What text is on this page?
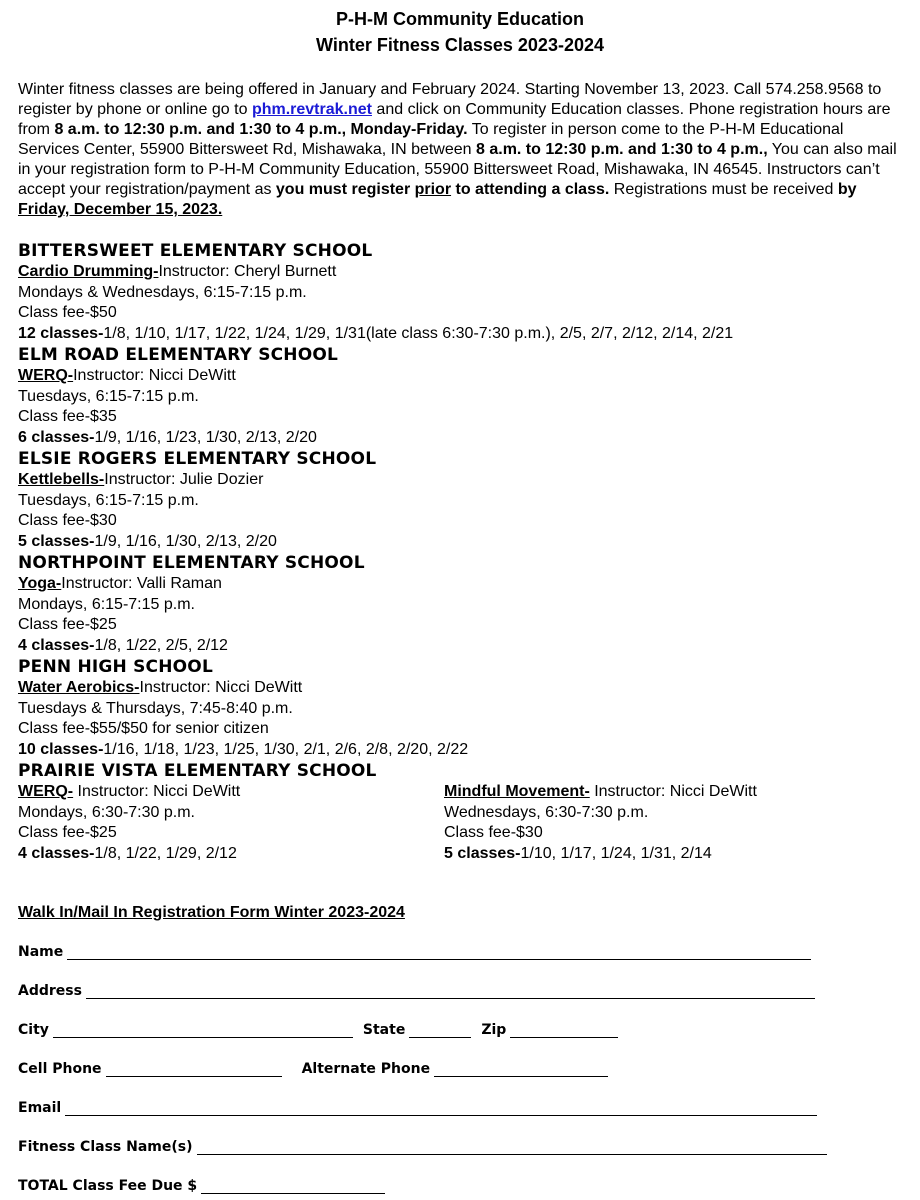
P-H-M Community Education
Winter Fitness Classes 2023-2024
Winter fitness classes are being offered in January and February 2024. Starting November 13, 2023. Call 574.258.9568 to register by phone or online go to phm.revtrak.net and click on Community Education classes. Phone registration hours are from 8 a.m. to 12:30 p.m. and 1:30 to 4 p.m., Monday-Friday. To register in person come to the P-H-M Educational Services Center, 55900 Bittersweet Rd, Mishawaka, IN between 8 a.m. to 12:30 p.m. and 1:30 to 4 p.m., You can also mail in your registration form to P-H-M Community Education, 55900 Bittersweet Road, Mishawaka, IN 46545. Instructors can’t accept your registration/payment as you must register prior to attending a class. Registrations must be received by Friday, December 15, 2023.
BITTERSWEET ELEMENTARY SCHOOL
Cardio Drumming-Instructor: Cheryl Burnett
Mondays & Wednesdays, 6:15-7:15 p.m.
Class fee-$50
12 classes-1/8, 1/10, 1/17, 1/22, 1/24, 1/29, 1/31(late class 6:30-7:30 p.m.), 2/5, 2/7, 2/12, 2/14, 2/21
ELM ROAD ELEMENTARY SCHOOL
WERQ-Instructor: Nicci DeWitt
Tuesdays, 6:15-7:15 p.m.
Class fee-$35
6 classes-1/9, 1/16, 1/23, 1/30, 2/13, 2/20
ELSIE ROGERS ELEMENTARY SCHOOL
Kettlebells-Instructor: Julie Dozier
Tuesdays, 6:15-7:15 p.m.
Class fee-$30
5 classes-1/9, 1/16, 1/30, 2/13, 2/20
NORTHPOINT ELEMENTARY SCHOOL
Yoga-Instructor: Valli Raman
Mondays, 6:15-7:15 p.m.
Class fee-$25
4 classes-1/8, 1/22, 2/5, 2/12
PENN HIGH SCHOOL
Water Aerobics-Instructor: Nicci DeWitt
Tuesdays & Thursdays, 7:45-8:40 p.m.
Class fee-$55/$50 for senior citizen
10 classes-1/16, 1/18, 1/23, 1/25, 1/30, 2/1, 2/6, 2/8, 2/20, 2/22
PRAIRIE VISTA ELEMENTARY SCHOOL
WERQ- Instructor: Nicci DeWitt
Mondays, 6:30-7:30 p.m.
Class fee-$25
4 classes-1/8, 1/22, 1/29, 2/12
Mindful Movement- Instructor: Nicci DeWitt
Wednesdays, 6:30-7:30 p.m.
Class fee-$30
5 classes-1/10, 1/17, 1/24, 1/31, 2/14
Walk In/Mail In Registration Form Winter 2023-2024
Name
Address
City	State	Zip
Cell Phone	Alternate Phone
Email
Fitness Class Name(s)
TOTAL Class Fee Due $
